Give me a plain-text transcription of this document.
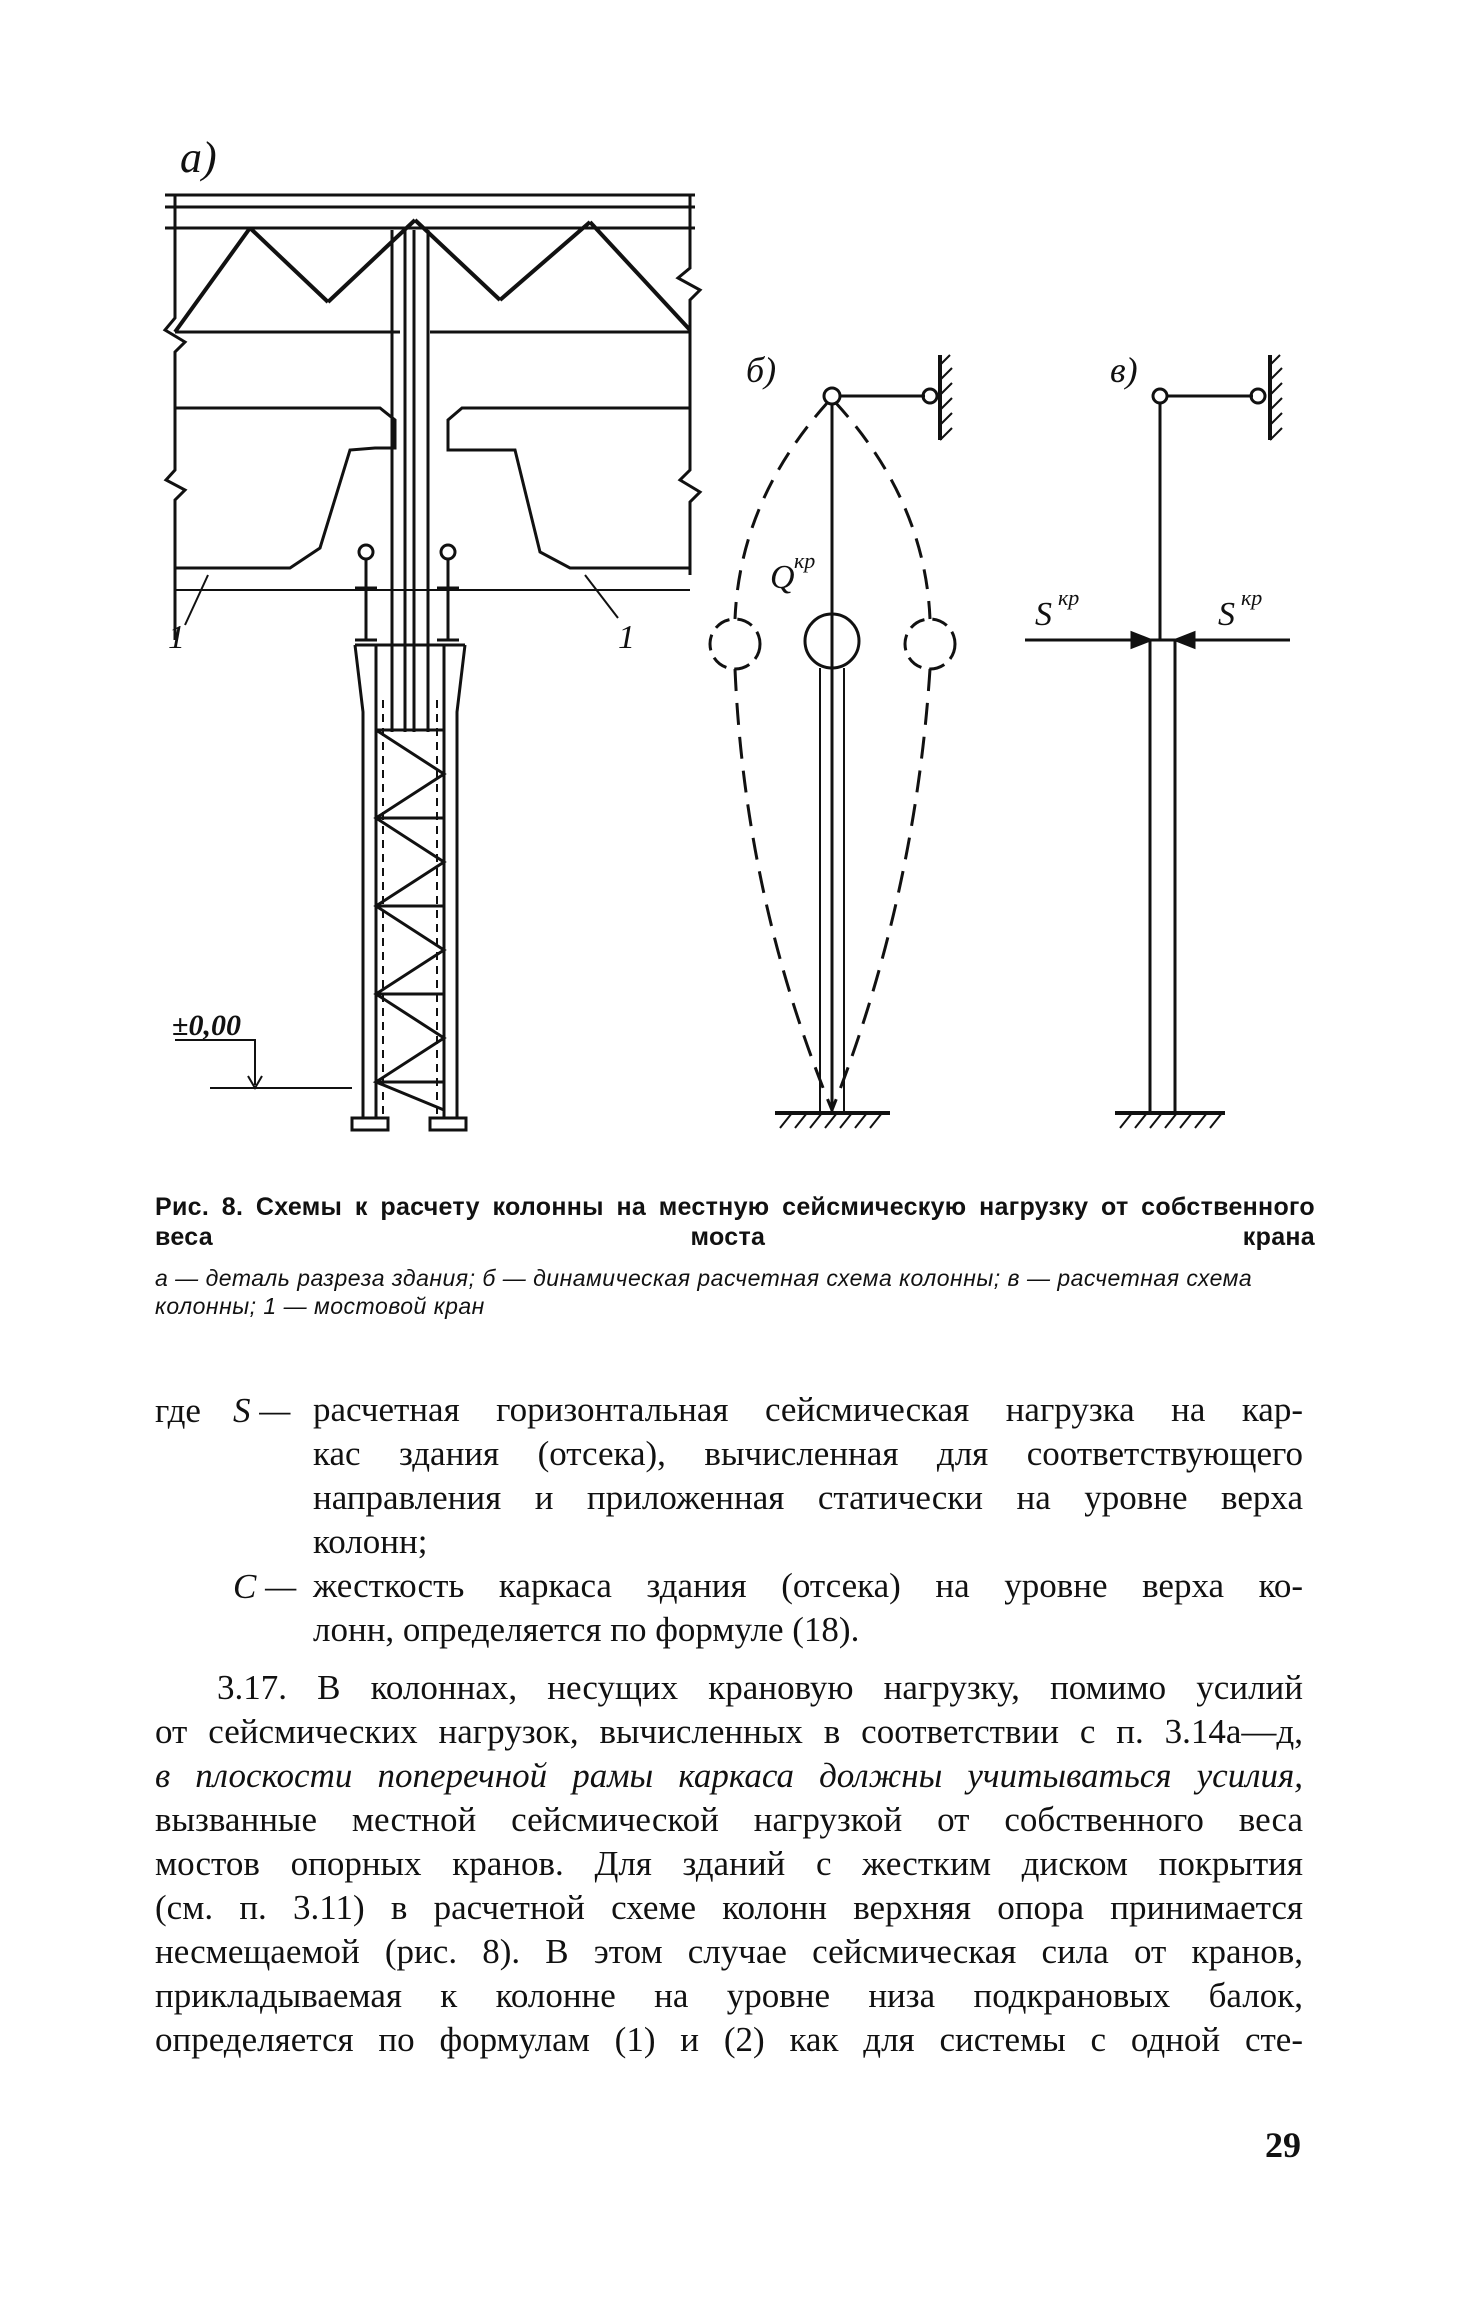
а)
б)	в)
±0,00
1	1
Q кр
S кр	S кр
Рис. 8. Схемы к расчету колонны на местную сейсмическую нагрузку от собственного веса моста крана
а — деталь разреза здания; б — динамическая расчетная схема колонны; в — расчетная схема колонны; 1 — мостовой кран
где S — расчетная горизонтальная сейсмическая нагрузка на кар-
кас здания (отсека), вычисленная для соответствующего
направления и приложенная статически на уровне верха
колонн;
C — жесткость каркаса здания (отсека) на уровне верха ко-
лонн, определяется по формуле (18).
3.17. В колоннах, несущих крановую нагрузку, помимо усилий
от сейсмических нагрузок, вычисленных в соответствии с п. 3.14а—д,
в плоскости поперечной рамы каркаса должны учитываться усилия,
вызванные местной сейсмической нагрузкой от собственного веса
мостов опорных кранов. Для зданий с жестким диском покрытия
(см. п. 3.11) в расчетной схеме колонн верхняя опора принимается
несмещаемой (рис. 8). В этом случае сейсмическая сила от кранов,
прикладываемая к колонне на уровне низа подкрановых балок,
определяется по формулам (1) и (2) как для системы с одной сте-
29
